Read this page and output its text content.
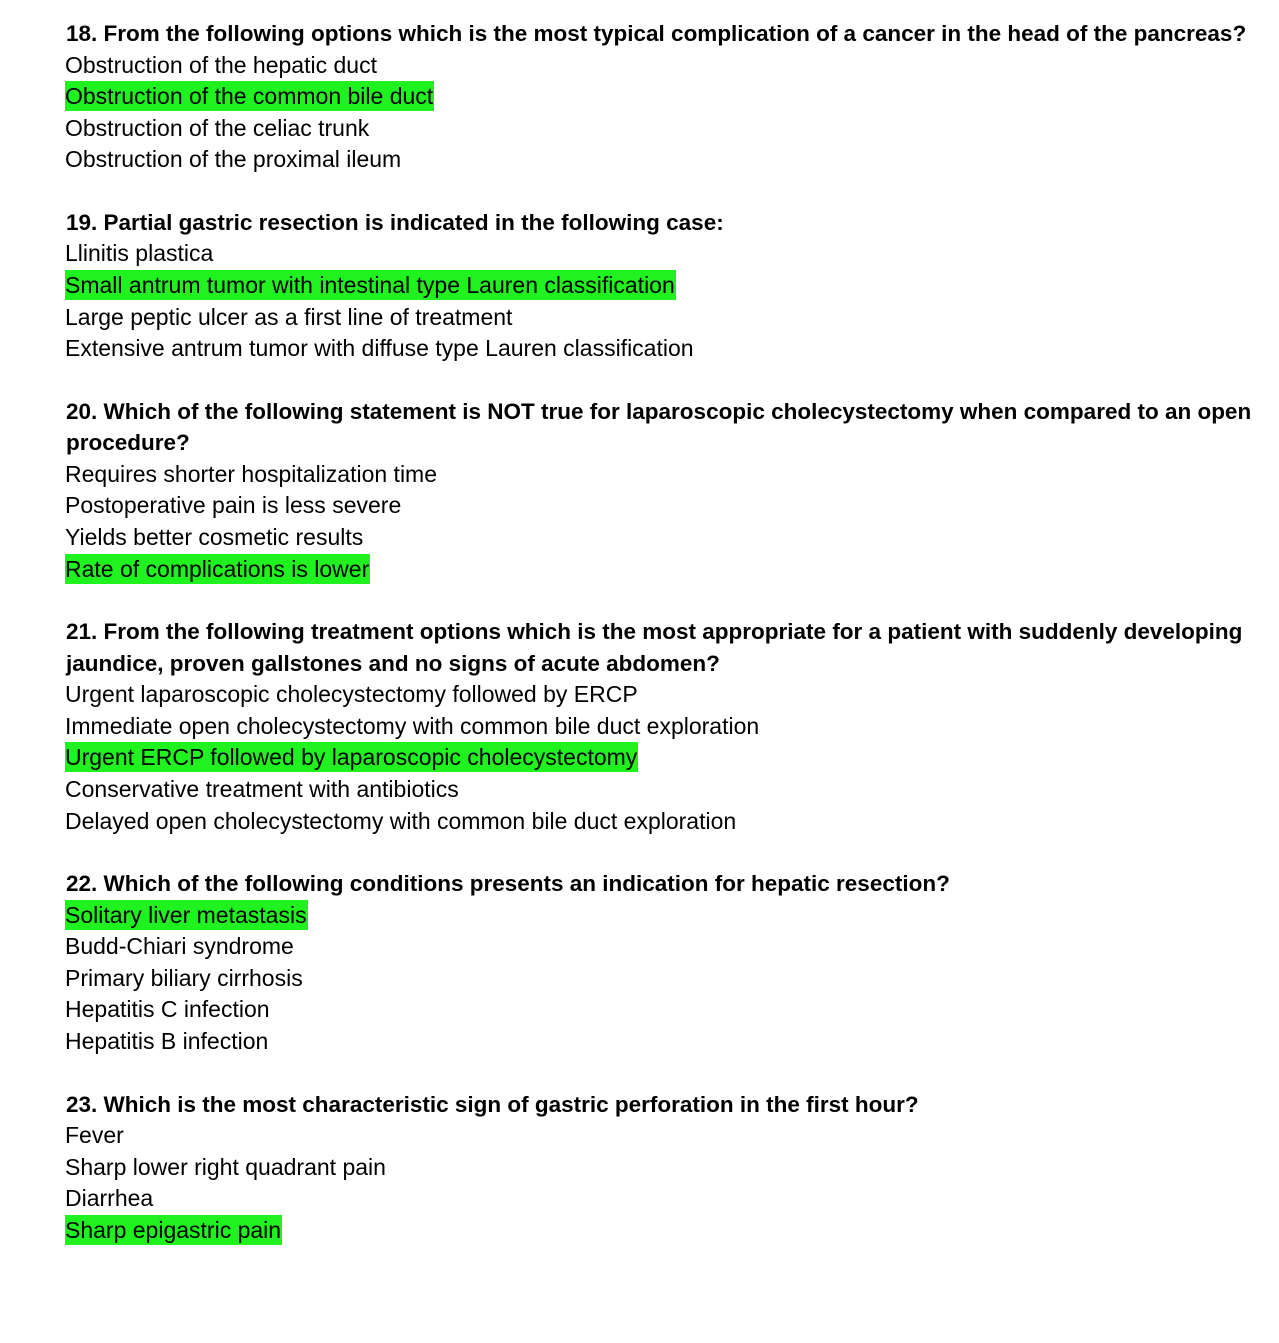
18. From the following options which is the most typical complication of a cancer in the head of the pancreas?

Obstruction of the hepatic duct

Obstruction of the common bile duct

Obstruction of the celiac trunk

Obstruction of the proximal ileum

19. Partial gastric resection is indicated in the following case:

Llinitis plastica

Small antrum tumor with intestinal type Lauren classification

Large peptic ulcer as a first line of treatment

Extensive antrum tumor with diffuse type Lauren classification

20. Which of the following statement is NOT true for laparoscopic cholecystectomy when compared to an open procedure?

Requires shorter hospitalization time

Postoperative pain is less severe

Yields better cosmetic results

Rate of complications is lower

21. From the following treatment options which is the most appropriate for a patient with suddenly developing jaundice, proven gallstones and no signs of acute abdomen?

Urgent laparoscopic cholecystectomy followed by ERCP

Immediate open cholecystectomy with common bile duct exploration

Urgent ERCP followed by laparoscopic cholecystectomy

Conservative treatment with antibiotics

Delayed open cholecystectomy with common bile duct exploration

22. Which of the following conditions presents an indication for hepatic resection?

Solitary liver metastasis

Budd-Chiari syndrome

Primary biliary cirrhosis

Hepatitis C infection

Hepatitis B infection

23. Which is the most characteristic sign of gastric perforation in the first hour?

Fever

Sharp lower right quadrant pain

Diarrhea

Sharp epigastric pain
